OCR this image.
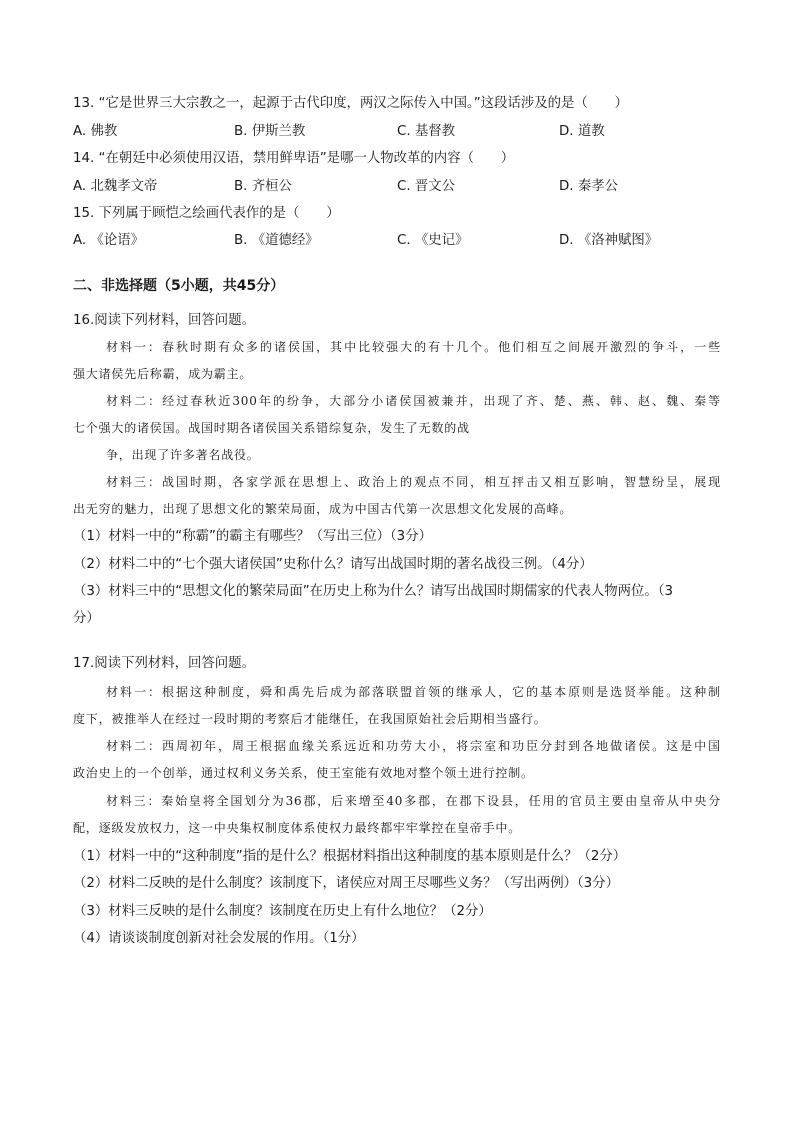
13. “它是世界三大宗教之一，起源于古代印度，两汉之际传入中国。”这段话涉及的是（　　）
A. 佛教	B. 伊斯兰教	C. 基督教	D. 道教
14. “在朝廷中必须使用汉语，禁用鲜卑语”是哪一人物改革的内容（　　）
A. 北魏孝文帝	B. 齐桓公	C. 晋文公	D. 秦孝公
15. 下列属于顾恺之绘画代表作的是（　　）
A. 《论语》	B. 《道德经》	C. 《史记》	D. 《洛神赋图》
二、非选择题（5小题，共45分）
16.阅读下列材料，回答问题。
材料一：春秋时期有众多的诸侯国，其中比较强大的有十几个。他们相互之间展开激烈的争斗，一些
强大诸侯先后称霸，成为霸主。
材料二：经过春秋近300年的纷争，大部分小诸侯国被兼并，出现了齐、楚、燕、韩、赵、魏、秦等
七个强大的诸侯国。战国时期各诸侯国关系错综复杂，发生了无数的战
争，出现了许多著名战役。
材料三：战国时期，各家学派在思想上、政治上的观点不同，相互抨击又相互影响，智慧纷呈，展现
出无穷的魅力，出现了思想文化的繁荣局面，成为中国古代第一次思想文化发展的高峰。
（1）材料一中的“称霸”的霸主有哪些？（写出三位）（3分）
（2）材料二中的“七个强大诸侯国”史称什么？请写出战国时期的著名战役三例。（4分）
（3）材料三中的“思想文化的繁荣局面”在历史上称为什么？请写出战国时期儒家的代表人物两位。（3
分）
17.阅读下列材料，回答问题。
材料一：根据这种制度，舜和禹先后成为部落联盟首领的继承人，它的基本原则是选贤举能。这种制
度下，被推举人在经过一段时期的考察后才能继任，在我国原始社会后期相当盛行。
材料二：西周初年，周王根据血缘关系远近和功劳大小，将宗室和功臣分封到各地做诸侯。这是中国
政治史上的一个创举，通过权利义务关系，使王室能有效地对整个领土进行控制。
材料三：秦始皇将全国划分为36郡，后来增至40多郡，在郡下设县，任用的官员主要由皇帝从中央分
配，逐级发放权力，这一中央集权制度体系使权力最终都牢牢掌控在皇帝手中。
（1）材料一中的“这种制度”指的是什么？根据材料指出这种制度的基本原则是什么？（2分）
（2）材料二反映的是什么制度？该制度下，诸侯应对周王尽哪些义务？（写出两例）（3分）
（3）材料三反映的是什么制度？该制度在历史上有什么地位？（2分）
（4）请谈谈制度创新对社会发展的作用。（1分）
